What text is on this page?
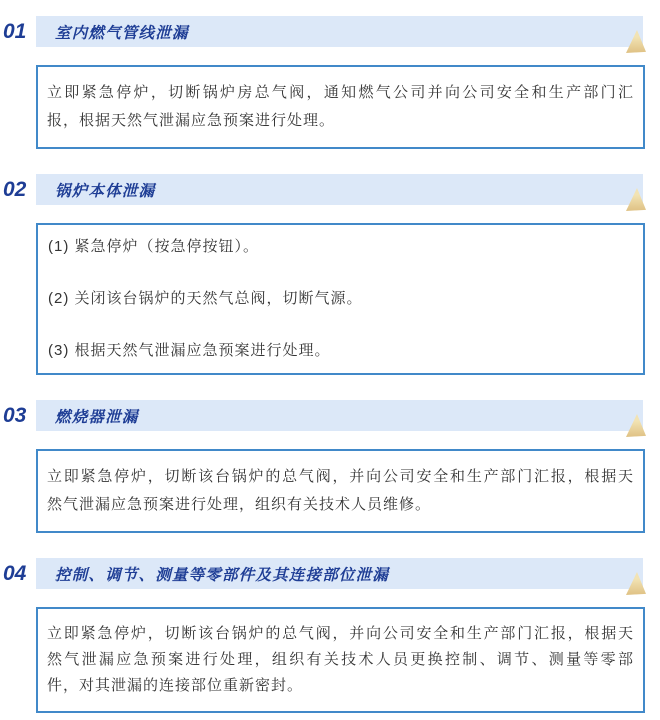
01	室内燃气管线泄漏
立即紧急停炉，切断锅炉房总气阀，通知燃气公司并向公司安全和生产部门汇
报，根据天然气泄漏应急预案进行处理。
02	锅炉本体泄漏
(1) 紧急停炉（按急停按钮）。
(2) 关闭该台锅炉的天然气总阀，切断气源。
(3) 根据天然气泄漏应急预案进行处理。
03	燃烧器泄漏
立即紧急停炉，切断该台锅炉的总气阀，并向公司安全和生产部门汇报，根据天
然气泄漏应急预案进行处理，组织有关技术人员维修。
04	控制、调节、测量等零部件及其连接部位泄漏
立即紧急停炉，切断该台锅炉的总气阀，并向公司安全和生产部门汇报，根据天
然气泄漏应急预案进行处理，组织有关技术人员更换控制、调节、测量等零部
件，对其泄漏的连接部位重新密封。
